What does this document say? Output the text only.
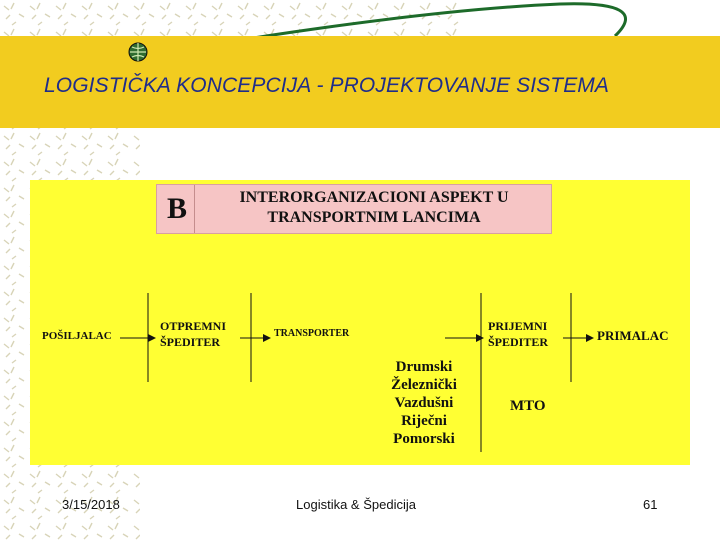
LOGISTIČKA KONCEPCIJA - PROJEKTOVANJE SISTEMA
B	INTERORGANIZACIONI ASPEKT U
TRANSPORTNIM LANCIMA
POŠILJALAC
OTPREMNI
ŠPEDITER
TRANSPORTER
PRIJEMNI
ŠPEDITER	PRIMALAC
Drumski
Železnički
Vazdušni
Riječni
Pomorski
MTO
3/15/2018	Logistika & Špedicija	61
